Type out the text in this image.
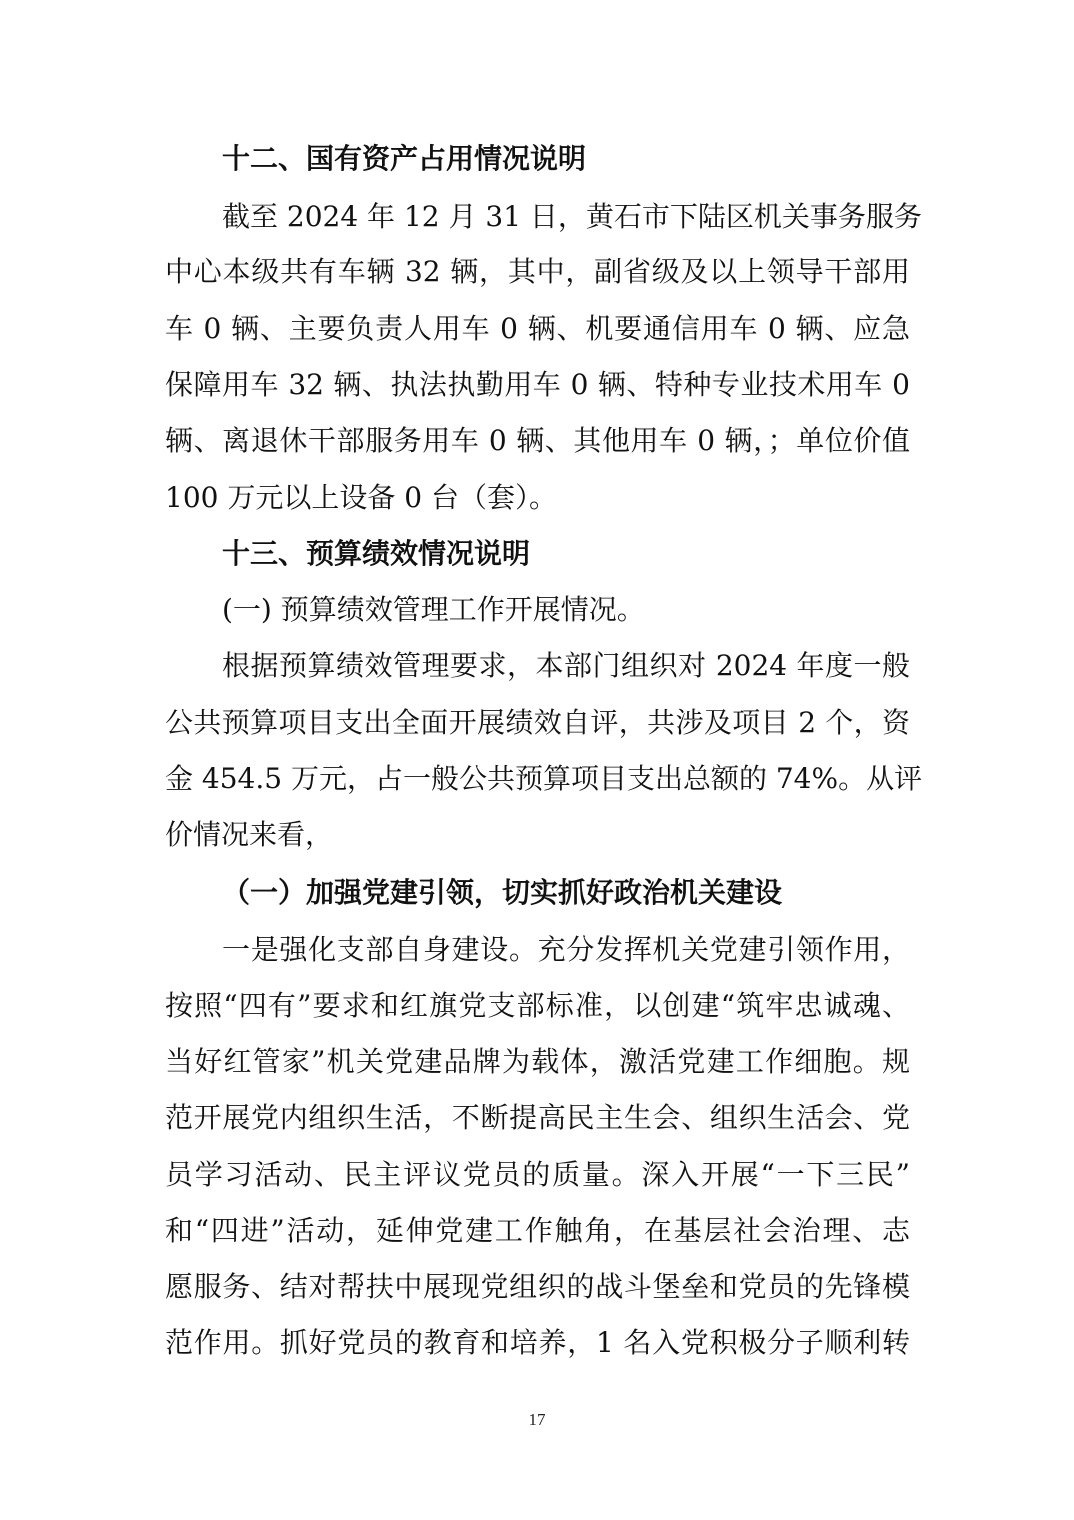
十二、国有资产占用情况说明
截至 2024 年 12 月 31 日，黄石市下陆区机关事务服务
中心本级共有车辆 32 辆，其中，副省级及以上领导干部用
车 0 辆、主要负责人用车 0 辆、机要通信用车 0 辆、应急
保障用车 32 辆、执法执勤用车 0 辆、特种专业技术用车 0
辆、离退休干部服务用车 0 辆、其他用车 0 辆，；单位价值
100 万元以上设备 0 台（套）。
十三、预算绩效情况说明
(一) 预算绩效管理工作开展情况。
根据预算绩效管理要求，本部门组织对 2024 年度一般
公共预算项目支出全面开展绩效自评，共涉及项目 2 个，资
金 454.5 万元，占一般公共预算项目支出总额的 74%。从评
价情况来看，
（一）加强党建引领，切实抓好政治机关建设
一是强化支部自身建设。充分发挥机关党建引领作用，
按照“四有”要求和红旗党支部标准，以创建“筑牢忠诚魂、
当好红管家”机关党建品牌为载体，激活党建工作细胞。规
范开展党内组织生活，不断提高民主生会、组织生活会、党
员学习活动、民主评议党员的质量。深入开展“一下三民”
和“四进”活动，延伸党建工作触角，在基层社会治理、志
愿服务、结对帮扶中展现党组织的战斗堡垒和党员的先锋模
范作用。抓好党员的教育和培养，1 名入党积极分子顺利转
17
